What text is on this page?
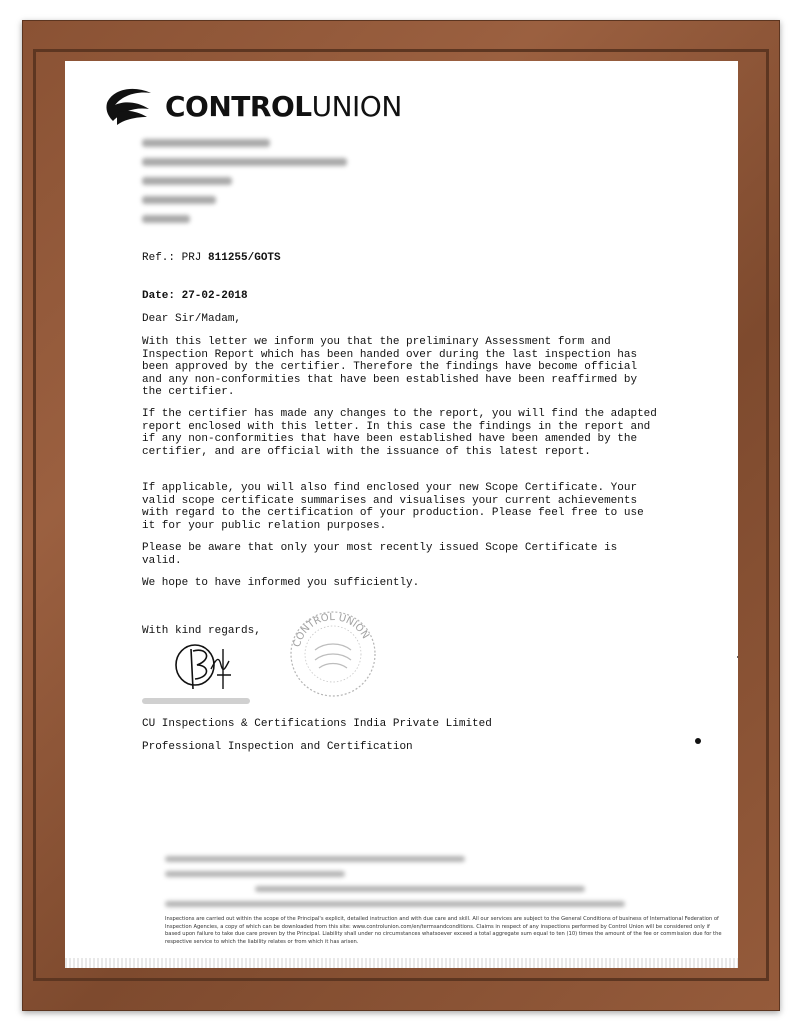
CONTROLUNION
Ref.: PRJ 811255/GOTS
Date: 27-02-2018
Dear Sir/Madam,
With this letter we inform you that the preliminary Assessment form and Inspection Report which has been handed over during the last inspection has been approved by the certifier. Therefore the findings have become official and any non-conformities that have been established have been reaffirmed by the certifier.
If the certifier has made any changes to the report, you will find the adapted report enclosed with this letter. In this case the findings in the report and if any non-conformities that have been established have been amended by the certifier, and are official with the issuance of this latest report.
If applicable, you will also find enclosed your new Scope Certificate. Your valid scope certificate summarises and visualises your current achievements with regard to the certification of your production. Please feel free to use it for your public relation purposes.
Please be aware that only your most recently issued Scope Certificate is valid.
We hope to have informed you sufficiently.
With kind regards,
CONTROL UNION
CU Inspections & Certifications India Private Limited
Professional Inspection and Certification
Inspections are carried out within the scope of the Principal's explicit, detailed instruction and with due care and skill. All our services are subject to the General Conditions of business of International Federation of Inspection Agencies, a copy of which can be downloaded from this site: www.controlunion.com/en/termsandconditions. Claims in respect of any inspections performed by Control Union will be considered only if based upon failure to take due care proven by the Principal. Liability shall under no circumstances whatsoever exceed a total aggregate sum equal to ten (10) times the amount of the fee or commission due for the respective service to which the liability relates or from which it has arisen.
